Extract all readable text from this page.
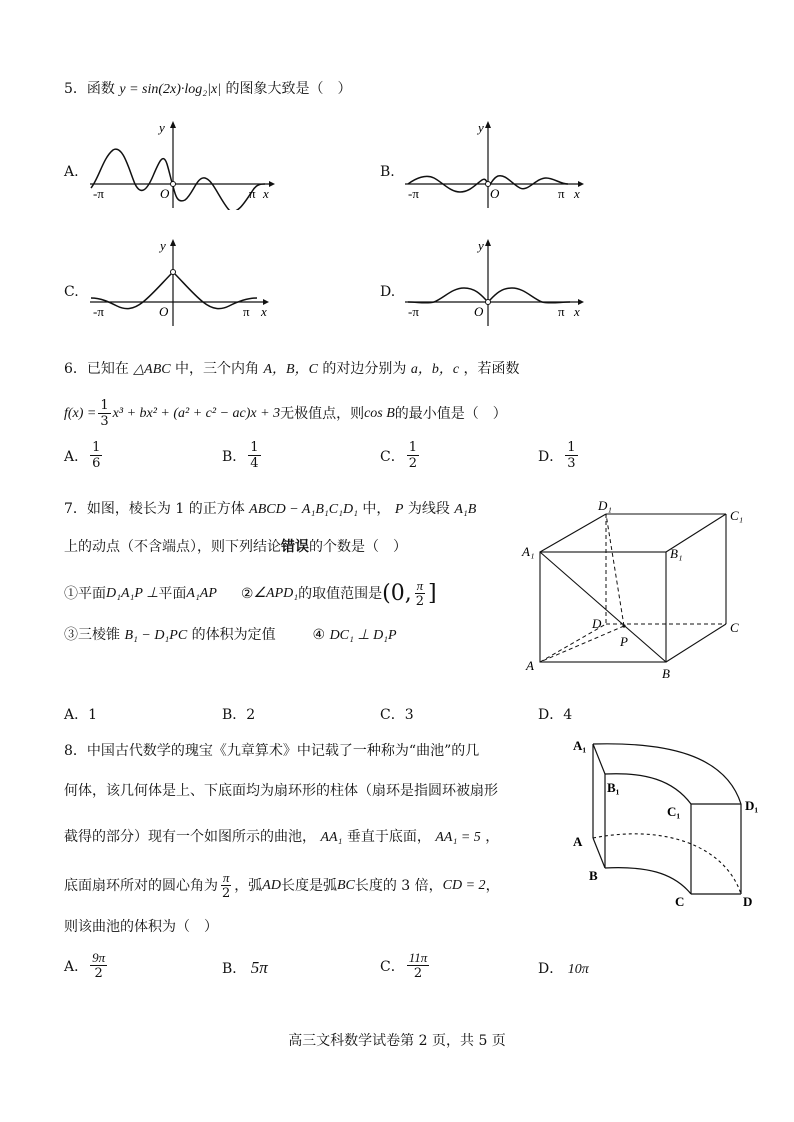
5．函数 y = sin(2x)·log₂|x| 的图象大致是（　）
A.
-π	O	π x
y
B.
-π	O	π x
y
C.
-π	O	π x
y
D.
-π	O	π x
y
6．已知在 △ABC 中，三个内角 A，B，C 的对边分别为 a，b，c ，若函数
$f(x) = \frac{1}{3} x^3 + bx^2 + (a^2 + c^2 - ac)x + 3$ 无极值点，则 cos B 的最小值是（　）
A． $\frac{1}{6}$	B． $\frac{1}{4}$	C． $\frac{1}{2}$	D． $\frac{1}{3}$
7．如图，棱长为 1 的正方体 ABCD − A₁B₁C₁D₁ 中， P 为线段 A₁B
上的动点（不含端点），则下列结论错误的个数是（　）
①平面 D₁A₁P ⊥ 平面 A₁AP ② ∠APD₁ 的取值范围是 (0, $\frac{\pi}{2}$ ]
③三棱锥 B₁ − D₁PC 的体积为定值	④ DC₁ ⊥ D₁P
D₁
C₁
A₁	B₁
D	C
P
A
B
A．1	B．2	C．3	D．4
8．中国古代数学的瑰宝《九章算术》中记载了一种称为“曲池”的几
何体，该几何体是上、下底面均为扇环形的柱体（扇环是指圆环被扇形
截得的部分）现有一个如图所示的曲池， AA₁ 垂直于底面， AA₁ = 5 ，
底面扇环所对的圆心角为 $\frac{\pi}{2}$ ，弧 AD 长度是弧 BC 长度的 3 倍， CD = 2 ，
则该曲池的体积为（　）
A₁
B₁
C₁	D₁
A
B
C	D
A． $\frac{9\pi}{2}$	B． 5π	C． $\frac{11\pi}{2}$	D． 10π
高三文科数学试卷第 2 页，共 5 页
